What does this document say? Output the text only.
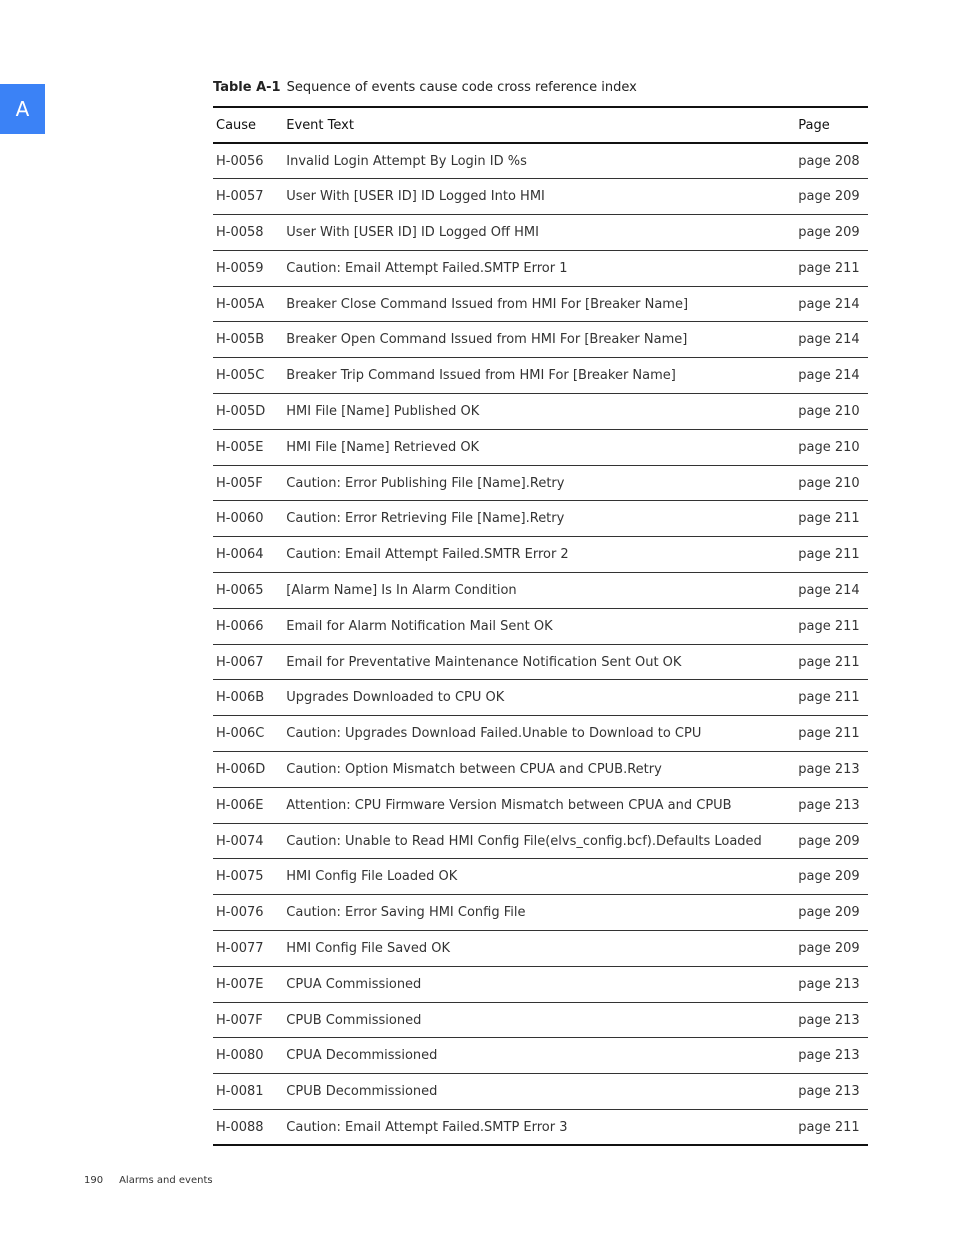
A
Table A-1 Sequence of events cause code cross reference index
Cause	Event Text	Page
H-0056	Invalid Login Attempt By Login ID %s	page 208
H-0057	User With [USER ID] ID Logged Into HMI	page 209
H-0058	User With [USER ID] ID Logged Off HMI	page 209
H-0059	Caution: Email Attempt Failed.SMTP Error 1	page 211
H-005A	Breaker Close Command Issued from HMI For [Breaker Name]	page 214
H-005B	Breaker Open Command Issued from HMI For [Breaker Name]	page 214
H-005C	Breaker Trip Command Issued from HMI For [Breaker Name]	page 214
H-005D	HMI File [Name] Published OK	page 210
H-005E	HMI File [Name] Retrieved OK	page 210
H-005F	Caution: Error Publishing File [Name].Retry	page 210
H-0060	Caution: Error Retrieving File [Name].Retry	page 211
H-0064	Caution: Email Attempt Failed.SMTR Error 2	page 211
H-0065	[Alarm Name] Is In Alarm Condition	page 214
H-0066	Email for Alarm Notification Mail Sent OK	page 211
H-0067	Email for Preventative Maintenance Notification Sent Out OK	page 211
H-006B	Upgrades Downloaded to CPU OK	page 211
H-006C	Caution: Upgrades Download Failed.Unable to Download to CPU	page 211
H-006D	Caution: Option Mismatch between CPUA and CPUB.Retry	page 213
H-006E	Attention: CPU Firmware Version Mismatch between CPUA and CPUB	page 213
H-0074	Caution: Unable to Read HMI Config File(elvs_config.bcf).Defaults Loaded	page 209
H-0075	HMI Config File Loaded OK	page 209
H-0076	Caution: Error Saving HMI Config File	page 209
H-0077	HMI Config File Saved OK	page 209
H-007E	CPUA Commissioned	page 213
H-007F	CPUB Commissioned	page 213
H-0080	CPUA Decommissioned	page 213
H-0081	CPUB Decommissioned	page 213
H-0088	Caution: Email Attempt Failed.SMTP Error 3	page 211
190 Alarms and events
